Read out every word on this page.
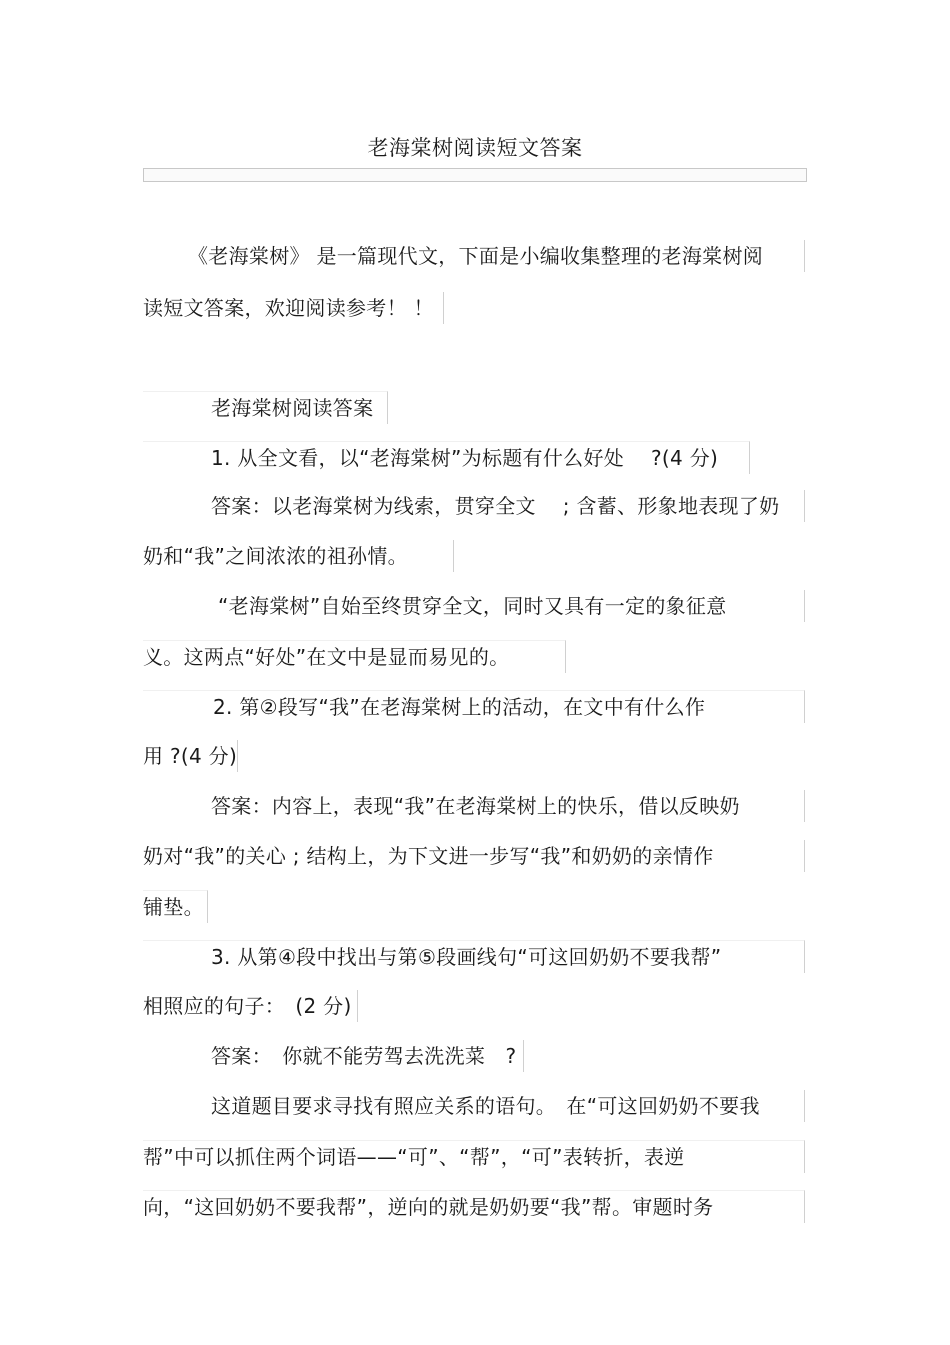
老海棠树阅读短文答案
《老海棠树》 是一篇现代文，下面是小编收集整理的老海棠树阅
读短文答案，欢迎阅读参考！ ！
老海棠树阅读答案
1. 从全文看，以“老海棠树”为标题有什么好处　 ?(4 分)
答案：以老海棠树为线索，贯穿全文　 ; 含蓄、形象地表现了奶
奶和“我”之间浓浓的祖孙情。
“老海棠树”自始至终贯穿全文，同时又具有一定的象征意
义。这两点“好处”在文中是显而易见的。
2. 第②段写“我”在老海棠树上的活动，在文中有什么作
用 ?(4 分)
答案：内容上，表现“我”在老海棠树上的快乐，借以反映奶
奶对“我”的关心 ; 结构上，为下文进一步写“我”和奶奶的亲情作
铺垫。
3. 从第④段中找出与第⑤段画线句“可这回奶奶不要我帮”
相照应的句子：　(2 分)
答案：　你就不能劳驾去洗洗菜　?
这道题目要求寻找有照应关系的语句。　在“可这回奶奶不要我
帮”中可以抓住两个词语——“可”、“帮”，“可”表转折，表逆
向，“这回奶奶不要我帮”，逆向的就是奶奶要“我”帮。审题时务
